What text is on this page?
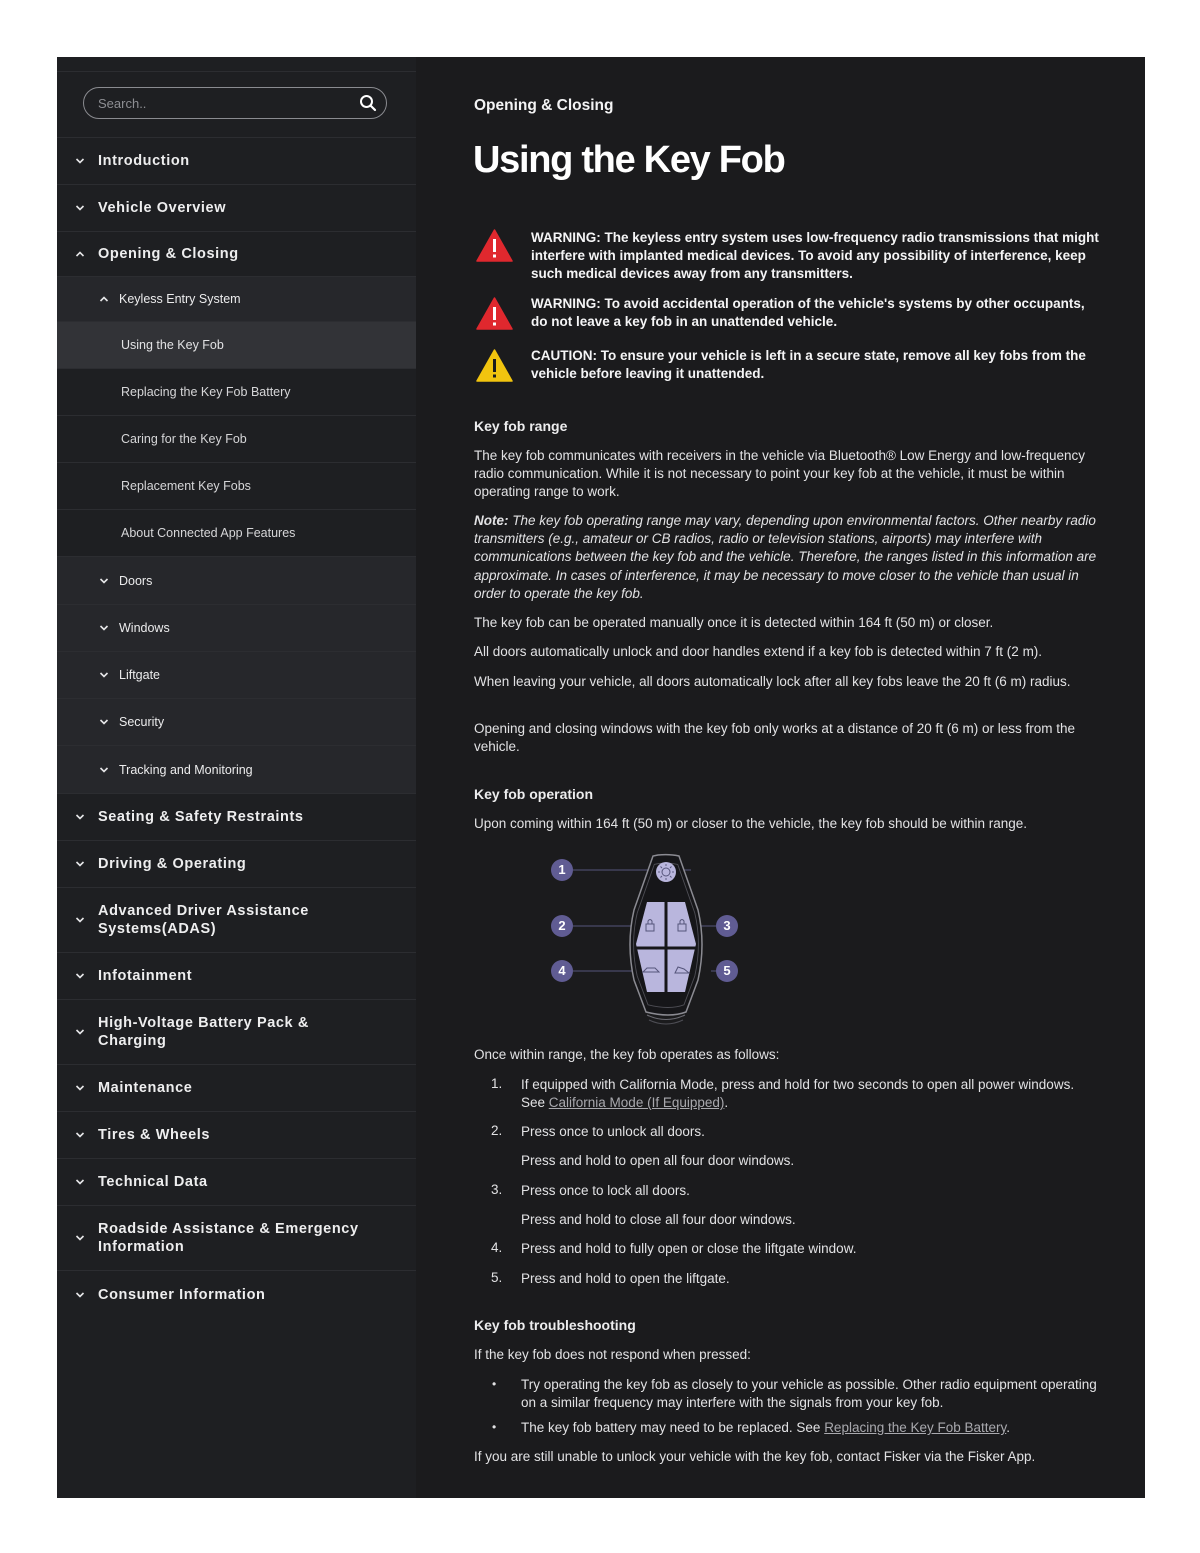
Search..
Introduction
Vehicle Overview
Opening & Closing
Keyless Entry System
Using the Key Fob
Replacing the Key Fob Battery
Caring for the Key Fob
Replacement Key Fobs
About Connected App Features
Doors
Windows
Liftgate
Security
Tracking and Monitoring
Seating & Safety Restraints
Driving & Operating
Advanced Driver Assistance Systems(ADAS)
Infotainment
High-Voltage Battery Pack & Charging
Maintenance
Tires & Wheels
Technical Data
Roadside Assistance & Emergency Information
Consumer Information
Opening & Closing
Using the Key Fob
WARNING: The keyless entry system uses low-frequency radio transmissions that might interfere with implanted medical devices. To avoid any possibility of interference, keep such medical devices away from any transmitters.
WARNING: To avoid accidental operation of the vehicle's systems by other occupants, do not leave a key fob in an unattended vehicle.
CAUTION: To ensure your vehicle is left in a secure state, remove all key fobs from the vehicle before leaving it unattended.
Key fob range
The key fob communicates with receivers in the vehicle via Bluetooth® Low Energy and low-frequency radio communication. While it is not necessary to point your key fob at the vehicle, it must be within operating range to work.
Note: The key fob operating range may vary, depending upon environmental factors. Other nearby radio transmitters (e.g., amateur or CB radios, radio or television stations, airports) may interfere with communications between the key fob and the vehicle. Therefore, the ranges listed in this information are approximate. In cases of interference, it may be necessary to move closer to the vehicle than usual in order to operate the key fob.
The key fob can be operated manually once it is detected within 164 ft (50 m) or closer.
All doors automatically unlock and door handles extend if a key fob is detected within 7 ft (2 m).
When leaving your vehicle, all doors automatically lock after all key fobs leave the 20 ft (6 m) radius.
Opening and closing windows with the key fob only works at a distance of 20 ft (6 m) or less from the vehicle.
Key fob operation
Upon coming within 164 ft (50 m) or closer to the vehicle, the key fob should be within range.
1
2	3
4	5
Once within range, the key fob operates as follows:
1. If equipped with California Mode, press and hold for two seconds to open all power windows. See California Mode (If Equipped).
2. Press once to unlock all doors.
Press and hold to open all four door windows.
3. Press once to lock all doors.
Press and hold to close all four door windows.
4. Press and hold to fully open or close the liftgate window.
5. Press and hold to open the liftgate.
Key fob troubleshooting
If the key fob does not respond when pressed:
• Try operating the key fob as closely to your vehicle as possible. Other radio equipment operating on a similar frequency may interfere with the signals from your key fob.
• The key fob battery may need to be replaced. See Replacing the Key Fob Battery.
If you are still unable to unlock your vehicle with the key fob, contact Fisker via the Fisker App.
